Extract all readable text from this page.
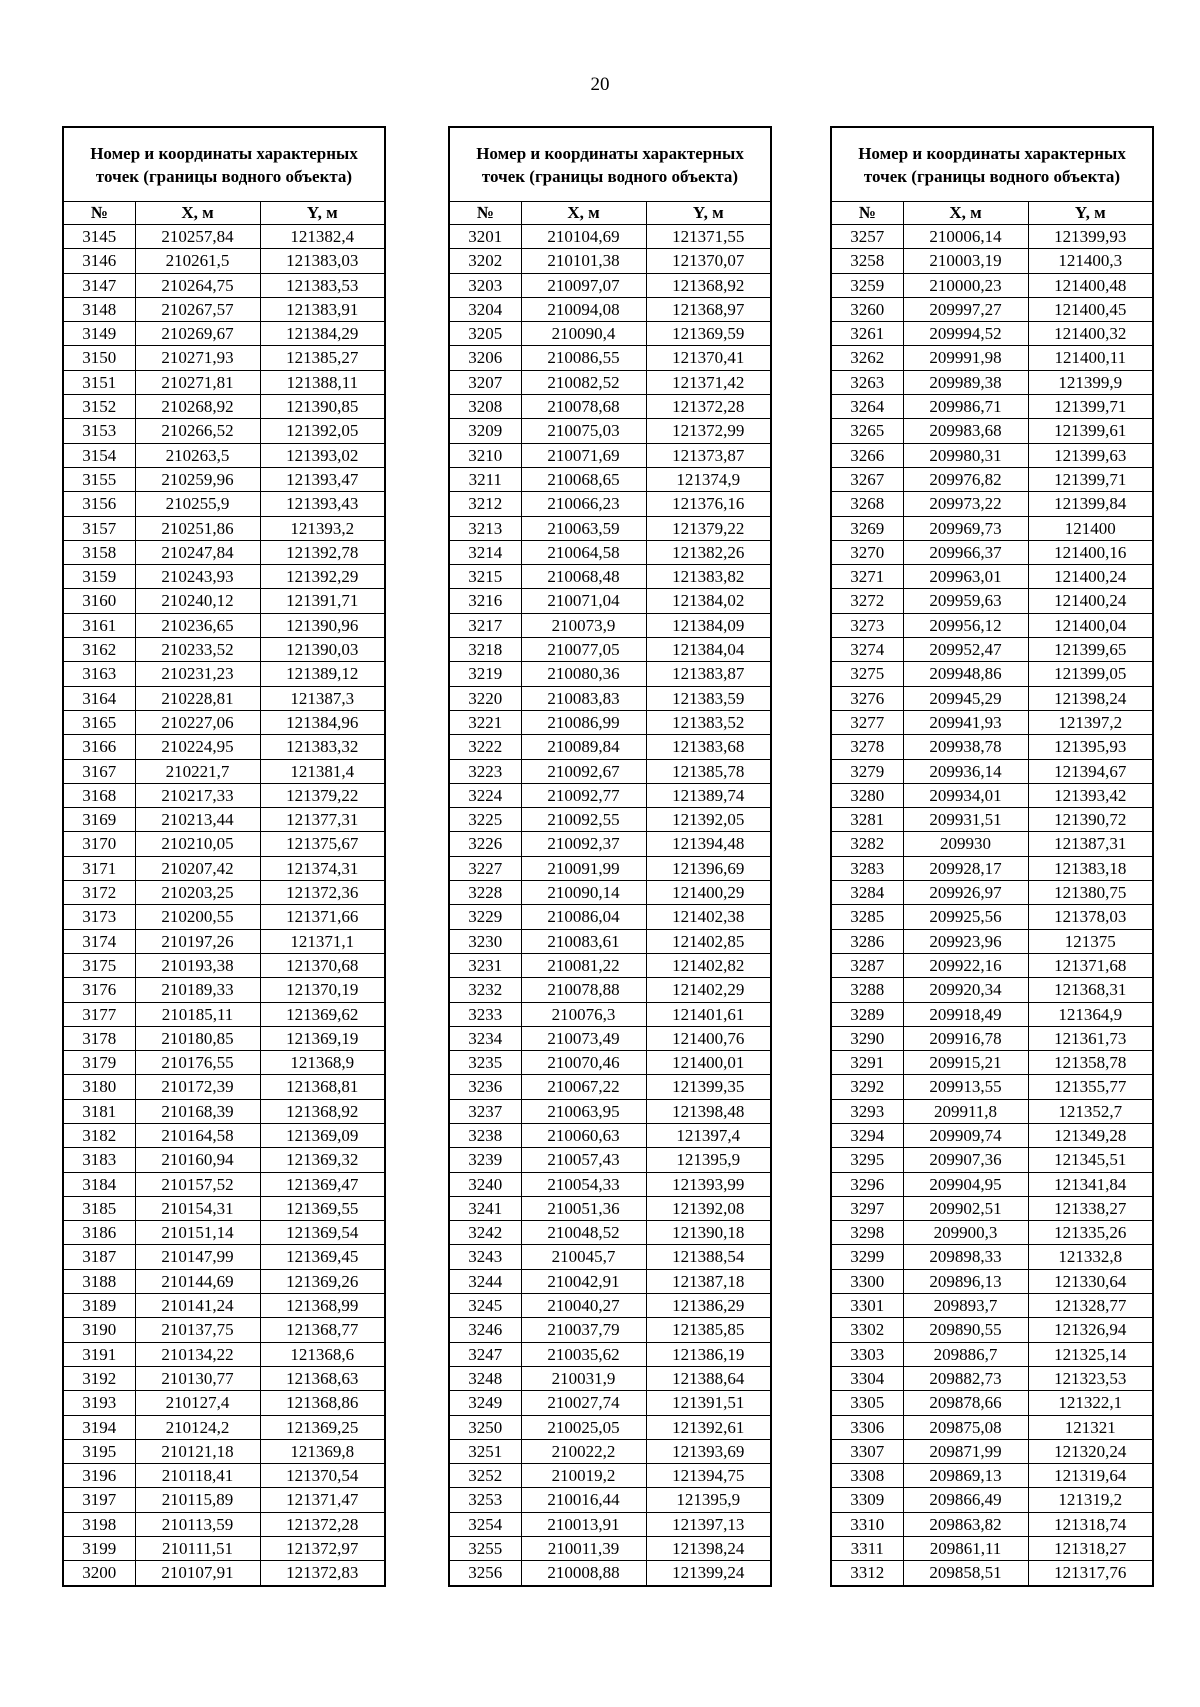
20
Номер и координаты характерных точек (границы водного объекта)		
№	X, м	Y, м
3145	210257,84	121382,4
3146	210261,5	121383,03
3147	210264,75	121383,53
3148	210267,57	121383,91
3149	210269,67	121384,29
3150	210271,93	121385,27
3151	210271,81	121388,11
3152	210268,92	121390,85
3153	210266,52	121392,05
3154	210263,5	121393,02
3155	210259,96	121393,47
3156	210255,9	121393,43
3157	210251,86	121393,2
3158	210247,84	121392,78
3159	210243,93	121392,29
3160	210240,12	121391,71
3161	210236,65	121390,96
3162	210233,52	121390,03
3163	210231,23	121389,12
3164	210228,81	121387,3
3165	210227,06	121384,96
3166	210224,95	121383,32
3167	210221,7	121381,4
3168	210217,33	121379,22
3169	210213,44	121377,31
3170	210210,05	121375,67
3171	210207,42	121374,31
3172	210203,25	121372,36
3173	210200,55	121371,66
3174	210197,26	121371,1
3175	210193,38	121370,68
3176	210189,33	121370,19
3177	210185,11	121369,62
3178	210180,85	121369,19
3179	210176,55	121368,9
3180	210172,39	121368,81
3181	210168,39	121368,92
3182	210164,58	121369,09
3183	210160,94	121369,32
3184	210157,52	121369,47
3185	210154,31	121369,55
3186	210151,14	121369,54
3187	210147,99	121369,45
3188	210144,69	121369,26
3189	210141,24	121368,99
3190	210137,75	121368,77
3191	210134,22	121368,6
3192	210130,77	121368,63
3193	210127,4	121368,86
3194	210124,2	121369,25
3195	210121,18	121369,8
3196	210118,41	121370,54
3197	210115,89	121371,47
3198	210113,59	121372,28
3199	210111,51	121372,97
3200	210107,91	121372,83
Номер и координаты характерных точек (границы водного объекта)		
№	X, м	Y, м
3201	210104,69	121371,55
3202	210101,38	121370,07
3203	210097,07	121368,92
3204	210094,08	121368,97
3205	210090,4	121369,59
3206	210086,55	121370,41
3207	210082,52	121371,42
3208	210078,68	121372,28
3209	210075,03	121372,99
3210	210071,69	121373,87
3211	210068,65	121374,9
3212	210066,23	121376,16
3213	210063,59	121379,22
3214	210064,58	121382,26
3215	210068,48	121383,82
3216	210071,04	121384,02
3217	210073,9	121384,09
3218	210077,05	121384,04
3219	210080,36	121383,87
3220	210083,83	121383,59
3221	210086,99	121383,52
3222	210089,84	121383,68
3223	210092,67	121385,78
3224	210092,77	121389,74
3225	210092,55	121392,05
3226	210092,37	121394,48
3227	210091,99	121396,69
3228	210090,14	121400,29
3229	210086,04	121402,38
3230	210083,61	121402,85
3231	210081,22	121402,82
3232	210078,88	121402,29
3233	210076,3	121401,61
3234	210073,49	121400,76
3235	210070,46	121400,01
3236	210067,22	121399,35
3237	210063,95	121398,48
3238	210060,63	121397,4
3239	210057,43	121395,9
3240	210054,33	121393,99
3241	210051,36	121392,08
3242	210048,52	121390,18
3243	210045,7	121388,54
3244	210042,91	121387,18
3245	210040,27	121386,29
3246	210037,79	121385,85
3247	210035,62	121386,19
3248	210031,9	121388,64
3249	210027,74	121391,51
3250	210025,05	121392,61
3251	210022,2	121393,69
3252	210019,2	121394,75
3253	210016,44	121395,9
3254	210013,91	121397,13
3255	210011,39	121398,24
3256	210008,88	121399,24
Номер и координаты характерных точек (границы водного объекта)		
№	X, м	Y, м
3257	210006,14	121399,93
3258	210003,19	121400,3
3259	210000,23	121400,48
3260	209997,27	121400,45
3261	209994,52	121400,32
3262	209991,98	121400,11
3263	209989,38	121399,9
3264	209986,71	121399,71
3265	209983,68	121399,61
3266	209980,31	121399,63
3267	209976,82	121399,71
3268	209973,22	121399,84
3269	209969,73	121400
3270	209966,37	121400,16
3271	209963,01	121400,24
3272	209959,63	121400,24
3273	209956,12	121400,04
3274	209952,47	121399,65
3275	209948,86	121399,05
3276	209945,29	121398,24
3277	209941,93	121397,2
3278	209938,78	121395,93
3279	209936,14	121394,67
3280	209934,01	121393,42
3281	209931,51	121390,72
3282	209930	121387,31
3283	209928,17	121383,18
3284	209926,97	121380,75
3285	209925,56	121378,03
3286	209923,96	121375
3287	209922,16	121371,68
3288	209920,34	121368,31
3289	209918,49	121364,9
3290	209916,78	121361,73
3291	209915,21	121358,78
3292	209913,55	121355,77
3293	209911,8	121352,7
3294	209909,74	121349,28
3295	209907,36	121345,51
3296	209904,95	121341,84
3297	209902,51	121338,27
3298	209900,3	121335,26
3299	209898,33	121332,8
3300	209896,13	121330,64
3301	209893,7	121328,77
3302	209890,55	121326,94
3303	209886,7	121325,14
3304	209882,73	121323,53
3305	209878,66	121322,1
3306	209875,08	121321
3307	209871,99	121320,24
3308	209869,13	121319,64
3309	209866,49	121319,2
3310	209863,82	121318,74
3311	209861,11	121318,27
3312	209858,51	121317,76
